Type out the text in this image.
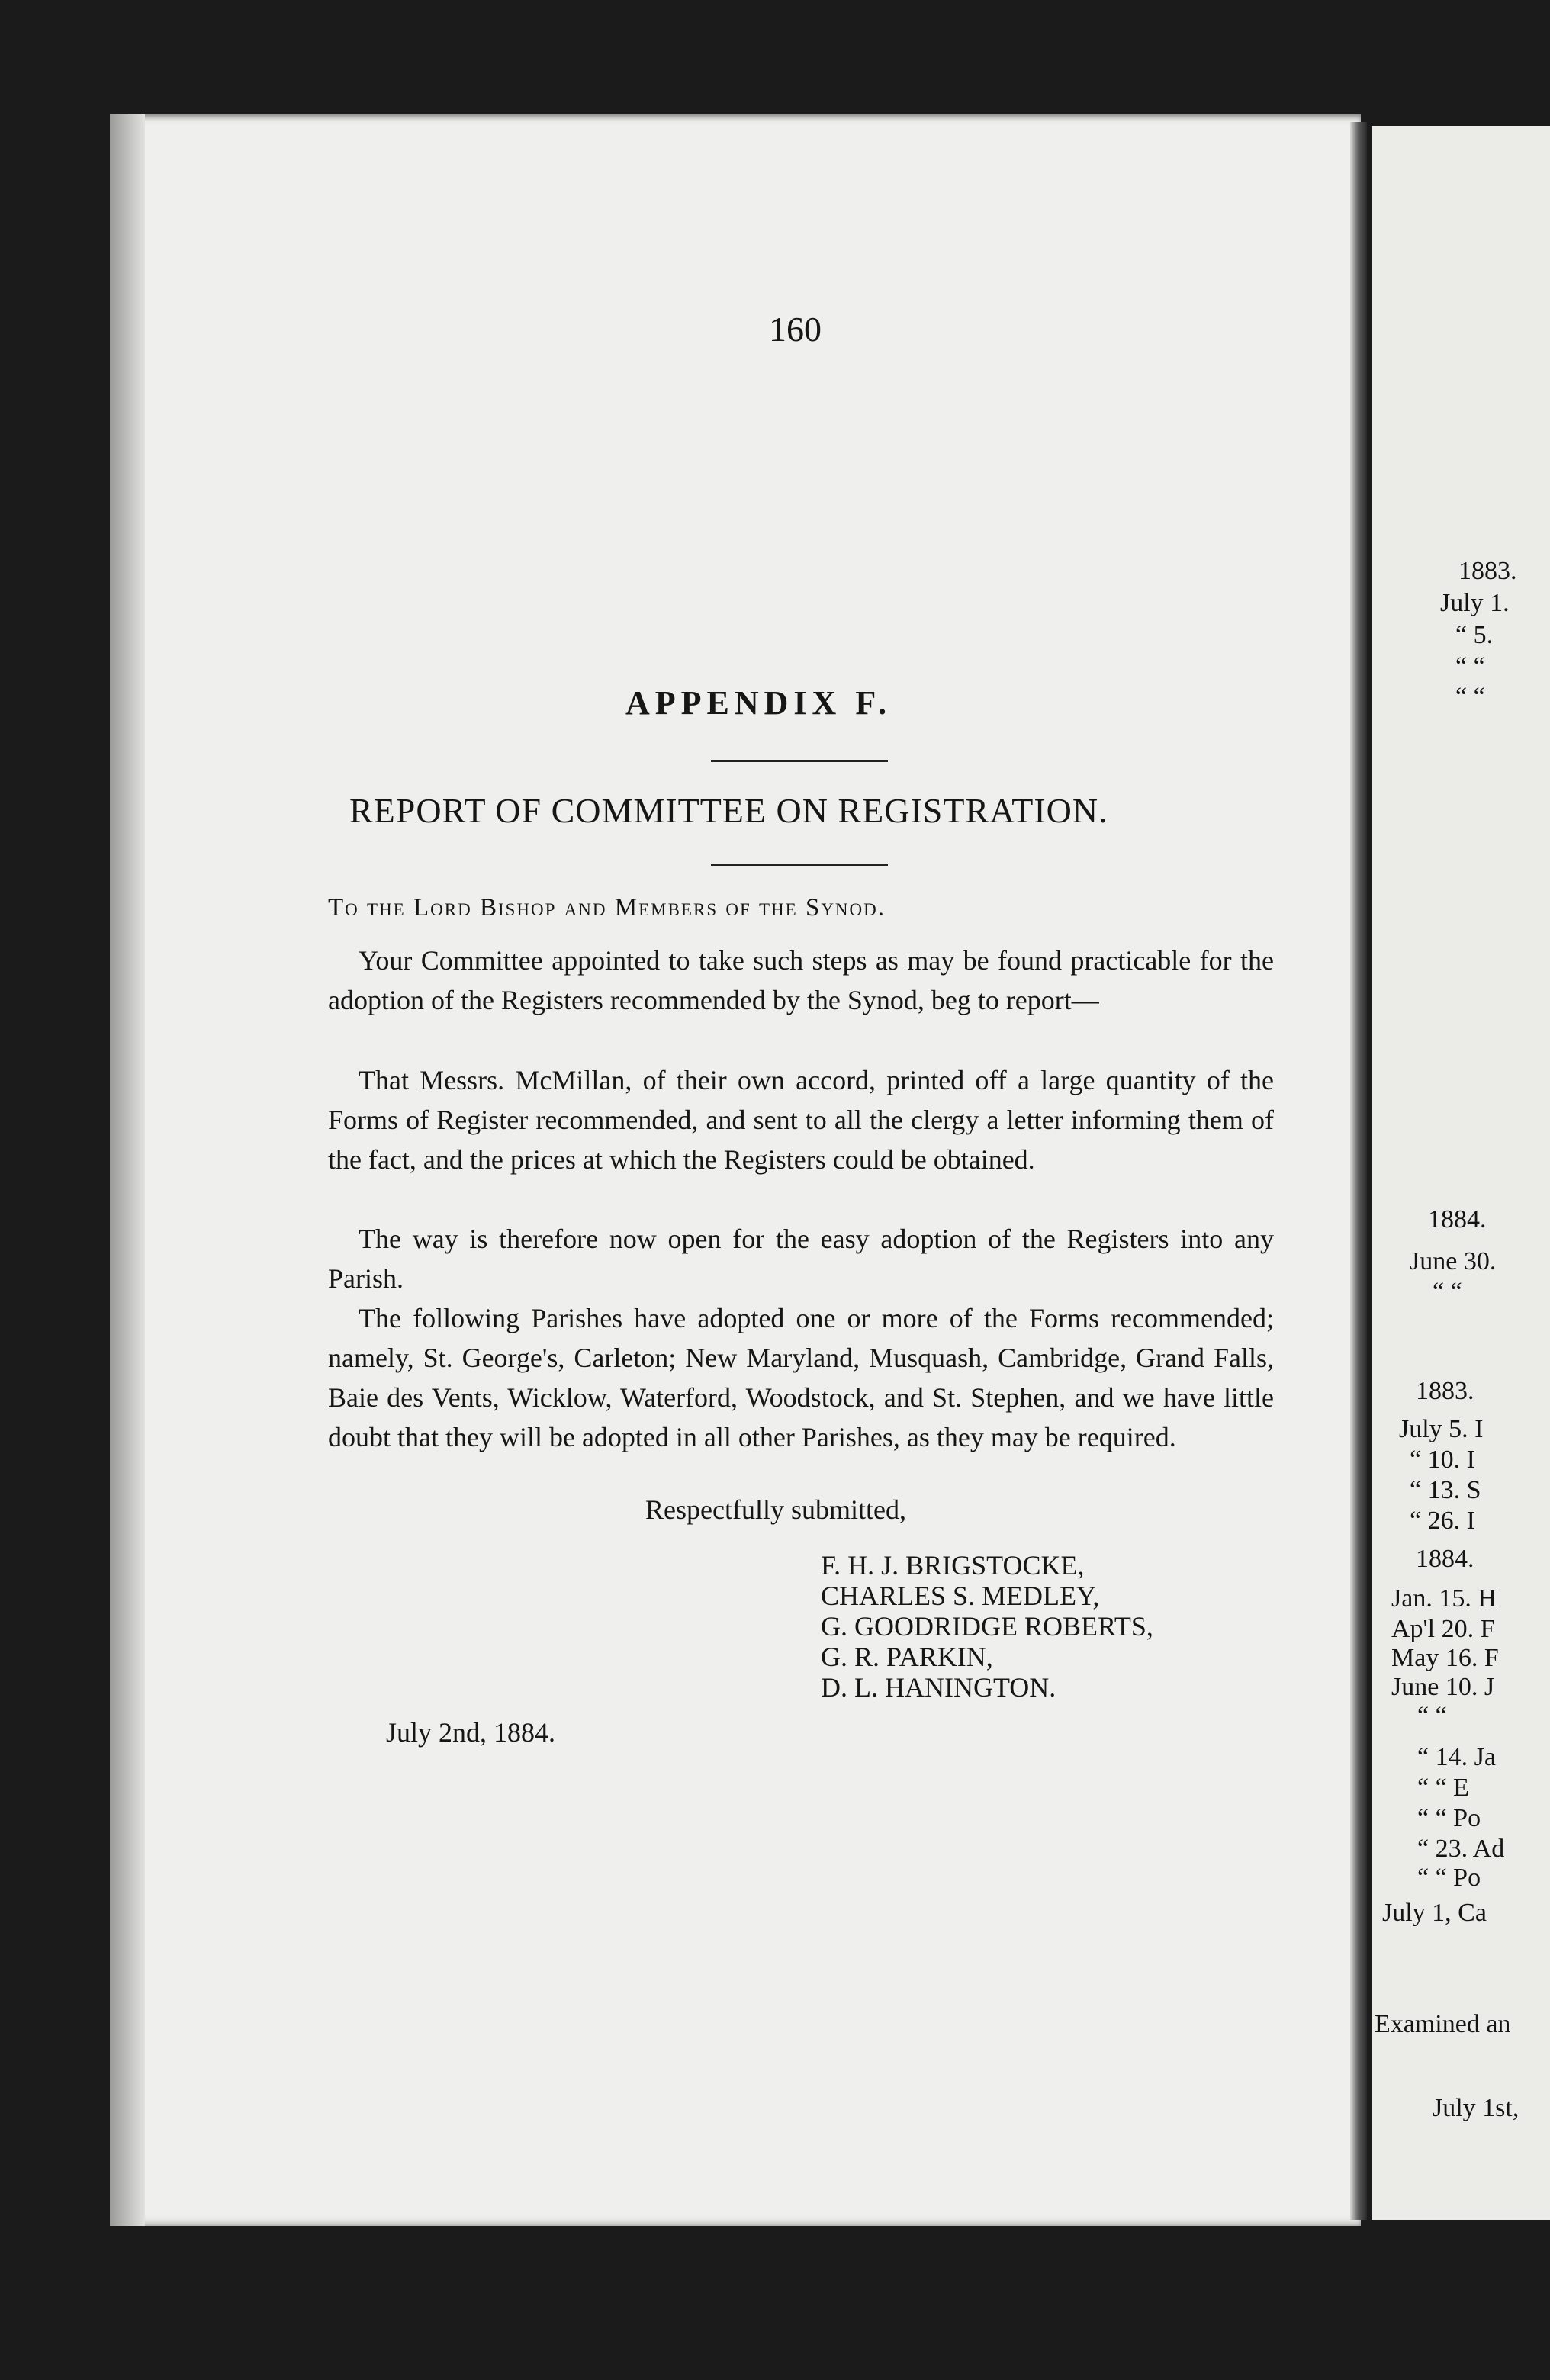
1883.
July 1.
“ 5.
“ “
“ “
1884.
June 30.
“ “
1883.
July 5. I
“ 10. I
“ 13. S
“ 26. I
1884.
Jan. 15. H
Ap'l 20. F
May 16. F
June 10. J
“ “
“ 14. Ja
“ “ E
“ “ Po
“ 23. Ad
“ “ Po
July 1, Ca
Examined an
July 1st,
160
APPENDIX F.
REPORT OF COMMITTEE ON REGISTRATION.
To the Lord Bishop and Members of the Synod.

Your Committee appointed to take such steps as may be found practicable for the adoption of the Registers recommended by the Synod, beg to report—

That Messrs. McMillan, of their own accord, printed off a large quantity of the Forms of Register recommended, and sent to all the clergy a letter informing them of the fact, and the prices at which the Registers could be obtained.

The way is therefore now open for the easy adoption of the Registers into any Parish.

The following Parishes have adopted one or more of the Forms recommended; namely, St. George's, Carleton; New Maryland, Musquash, Cambridge, Grand Falls, Baie des Vents, Wicklow, Waterford, Woodstock, and St. Stephen, and we have little doubt that they will be adopted in all other Parishes, as they may be required.

Respectfully submitted,
F. H. J. BRIGSTOCKE,
CHARLES S. MEDLEY,
G. GOODRIDGE ROBERTS,
G. R. PARKIN,
D. L. HANINGTON.
July 2nd, 1884.
